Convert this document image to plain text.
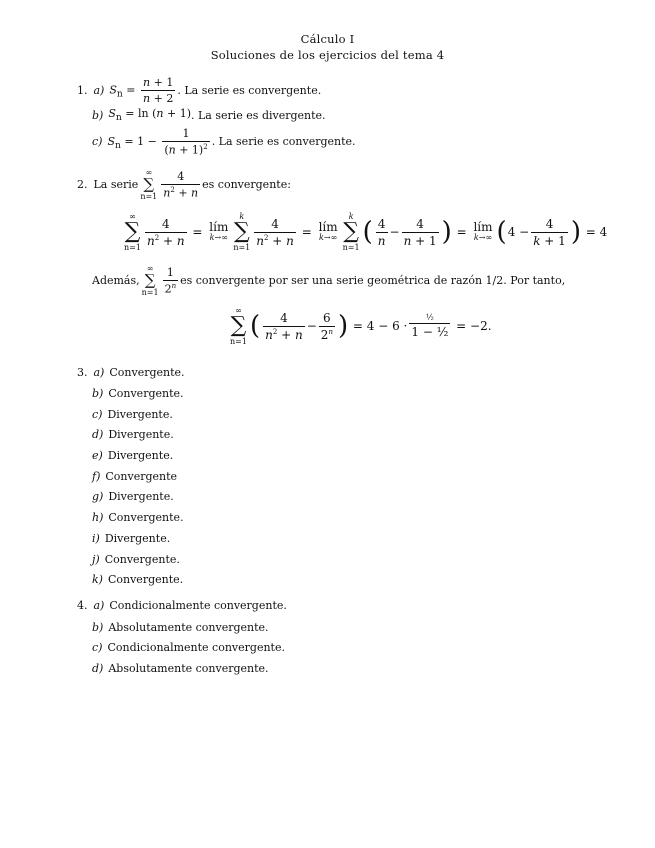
Cálculo I
Soluciones de los ejercicios del tema 4
1. a) $S_n = \frac{n + 1}{n + 2}$ . La serie es convergente.
b) $S_n = \ln (n + 1)$ . La serie es divergente.
c) $S_n = 1 - \frac{1}{(n + 1)^2}$ . La serie es convergente.
2. La serie
∞
∑
$n=1 \frac{4}{n^2 + n}$ es convergente:
∞
∑
$n=1 \frac{4}{n^2 + n}$ = lím
k→∞
k
∑
$n=1 \frac{4}{n^2 + n}$ = lím
k→∞
k
∑
n=1
( $\frac{4}{n} - \frac{4}{n + 1}$ ) = lím
k→∞ ( $4 - \frac{4}{k + 1}$ ) = 4
Además,
∞
∑
$n=1 \frac{1}{2^n}$ es convergente por ser una serie geométrica de razón 1/2. Por tanto,
∞
∑
n=1
( $\frac{4}{n^2 + n} - \frac{6}{2^n}$ ) = $4 - 6 \cdot \frac{\text{½}}{\text{1 − ½}} = -2$.
3. a) Convergente.
b) Convergente.
c) Divergente.
d) Divergente.
e) Divergente.
f) Convergente
g) Divergente.
h) Convergente.
i) Divergente.
j) Convergente.
k) Convergente.
4. a) Condicionalmente convergente.
b) Absolutamente convergente.
c) Condicionalmente convergente.
d) Absolutamente convergente.
